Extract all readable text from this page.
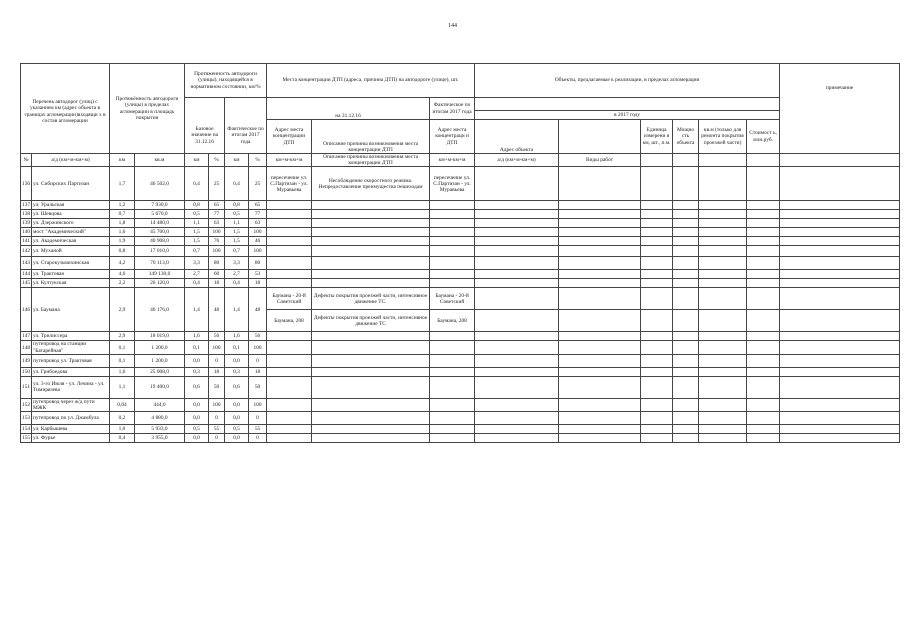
144
Перечень автодорог (улиц) с указанием км (адрес объекта в границах агломерации)входящи х в состав агломерации		Протяжённость автодороги (улицы) в пределах агломерации в площадь покрытия		Протяженность автодороги (улицы), находящейся в нормативном состоянии, км/%				Места концентрации ДТП (адреса, причина ДТП) на автодороге (улице), шт.			Объекты, предлагаемые к реализации, в пределах агломерации						примечание
				Базовое значение на 31.12.16		Фактическое по итогам 2017 года		на 31.12.16		Фактическое по итогам 2017 года							
											в 2017 году						
								Адрес места концентрации ДТП	Описание причины возникновения места концентрации ДТП	Адрес места концентраци и ДТП	Адрес объекта		Единица измерени я км, шт., п.м.	Мощно сть объекта	кв.м (только для ремонта покрытия проезжей части)	Стоимост ь, млн.руб.	
№	а/д (км+м-км+м)	км	кв.м	км	%	км	%	км+м-км+м	Описание причины возникновения места концентрации ДТП	км+м-км+м	а/д (км+м-км+м)	Виды работ					
136	ул. Сибирских Партизан	1,7	46 502,0	0,4	25	0,4	25	пересечение ул. С.Партизан - ул. Муравьева	Несоблюдение скоростного режима. Непредоставление преимущества пешеходам	пересечение ул. С.Партизан - ул. Муравьева							
137	ул. Уральская	1,2	7 930,0	0,8	65	0,8	65										
138	ул. Шевцова	0,7	5 670,0	0,5	77	0,5	77										
139	ул. Дзержинского	1,8	14 480,0	1,1	63	1,1	63										
140	мост "Академический"	1,6	45 700,0	1,5	100	1,5	100										
141	ул. Академическая	1,9	40 908,0	1,5	76	1,5	46										
142	ул. Муханой	0,8	17 010,0	0,7	100	0,7	100										
143	ул. Старокузьмихинская	4,2	70 113,0	3,3	80	3,3	80										
144	ул. Трактовая	4,6	149 130,0	2,7	60	2,7	53										
145	ул. Култукская	2,2	26 120,0	0,4	18	0,4	18										
146	ул. Баумана	2,9	46 176,0	1,4	48	1,4	48	Баумана - 20-й Советский	Дефекты покрытия проезжей части, интенсивное движение ТС.	Баумана - 20-й Советский							
								Баумана, 208	Дефекты покрытия проезжей части, интенсивное движение ТС	Баумана, 208							
147	ул. Трилиссера	2,9	18 019,0	1,6	56	1,6	56										
148	путепровод на станции "Батарейная"	0,1	1 200,0	0,1	100	0,1	100										
149	путепровод ул. Трактовая	0,1	1 200,0	0,0	0	0,0	0										
150	ул. Грибоедова	1,6	25 008,0	0,3	18	0,3	18										
151	ул. 3-го Июля - ул. Лечина - ул. Тимирязева	1,1	19 400,0	0,6	50	0,6	50										
152	путепровод через ж/д пути МЖК	0,04	444,0	0,0	100	0,0	100										
153	путепровод по ул. Джамбула	0,2	4 880,0	0,0	0	0,0	0										
154	ул. Карбышева	1,0	5 933,0	0,5	55	0,5	55										
155	ул. Фурье	0,4	3 955,0	0,0	0	0,0	0										
